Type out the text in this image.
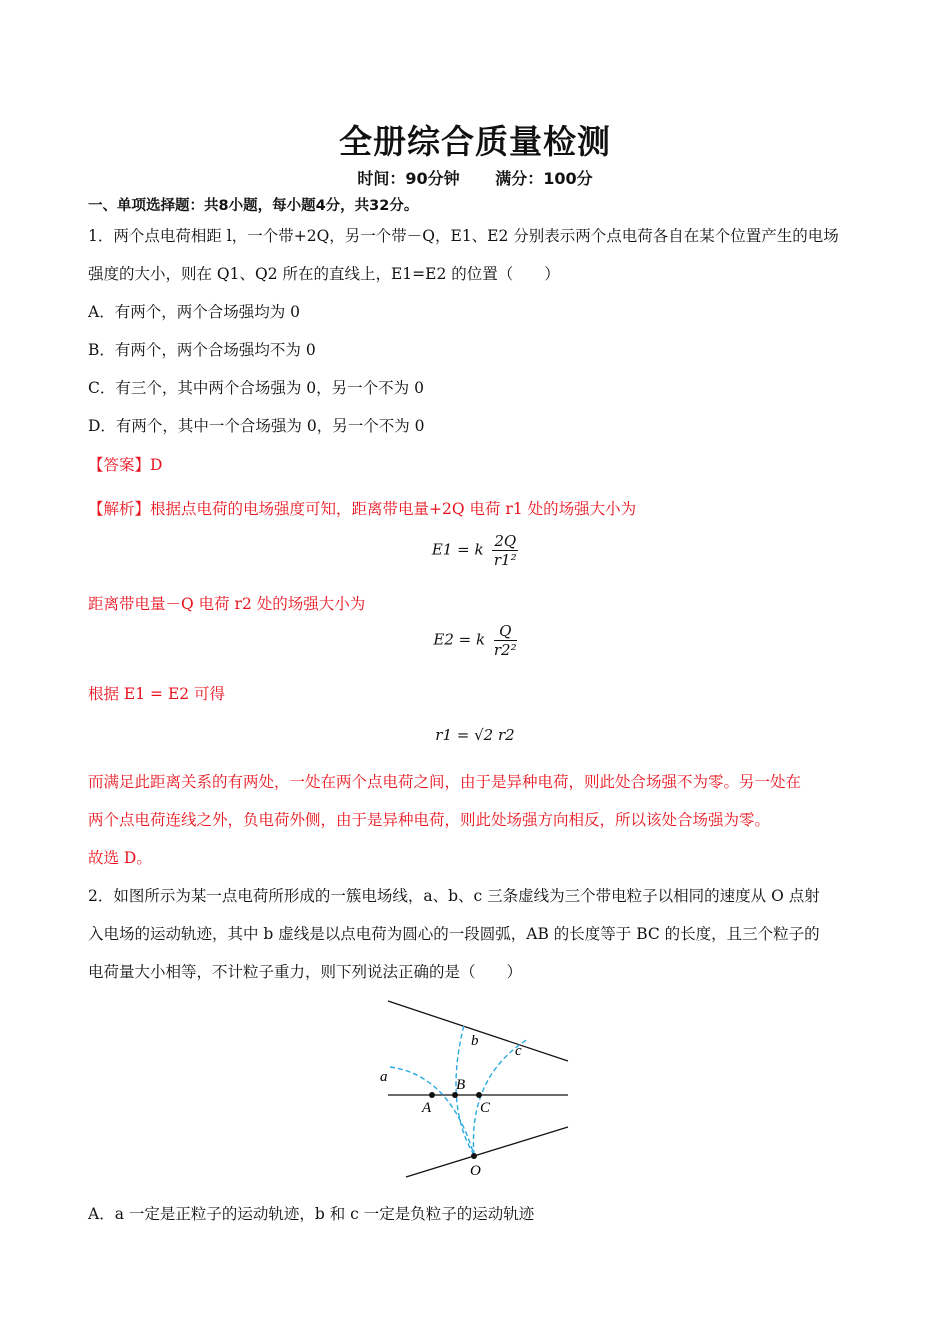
全册综合质量检测
时间：90分钟 满分：100分
一、单项选择题：共8小题，每小题4分，共32分。
1．两个点电荷相距 l，一个带+2Q，另一个带－Q，E1、E2 分别表示两个点电荷各自在某个位置产生的电场
强度的大小，则在 Q1、Q2 所在的直线上，E1=E2 的位置（　　）
A．有两个，两个合场强均为 0
B．有两个，两个合场强均不为 0
C．有三个，其中两个合场强为 0，另一个不为 0
D．有两个，其中一个合场强为 0，另一个不为 0
【答案】D
【解析】根据点电荷的电场强度可知，距离带电量+2Q 电荷 r1 处的场强大小为
E1 = k $\frac{2Q}{\text{r1²}}$
距离带电量－Q 电荷 r2 处的场强大小为
E2 = k $\frac{Q}{\text{r2²}}$
根据 E1 = E2 可得
r1 = √2 r2
而满足此距离关系的有两处，一处在两个点电荷之间，由于是异种电荷，则此处合场强不为零。另一处在
两个点电荷连线之外，负电荷外侧，由于是异种电荷，则此处场强方向相反，所以该处合场强为零。
故选 D。
2．如图所示为某一点电荷所形成的一簇电场线，a、b、c 三条虚线为三个带电粒子以相同的速度从 O 点射
入电场的运动轨迹，其中 b 虚线是以点电荷为圆心的一段圆弧，AB 的长度等于 BC 的长度，且三个粒子的
电荷量大小相等，不计粒子重力，则下列说法正确的是（　　）
a
b
c
A
B
C
O
A．a 一定是正粒子的运动轨迹，b 和 c 一定是负粒子的运动轨迹
